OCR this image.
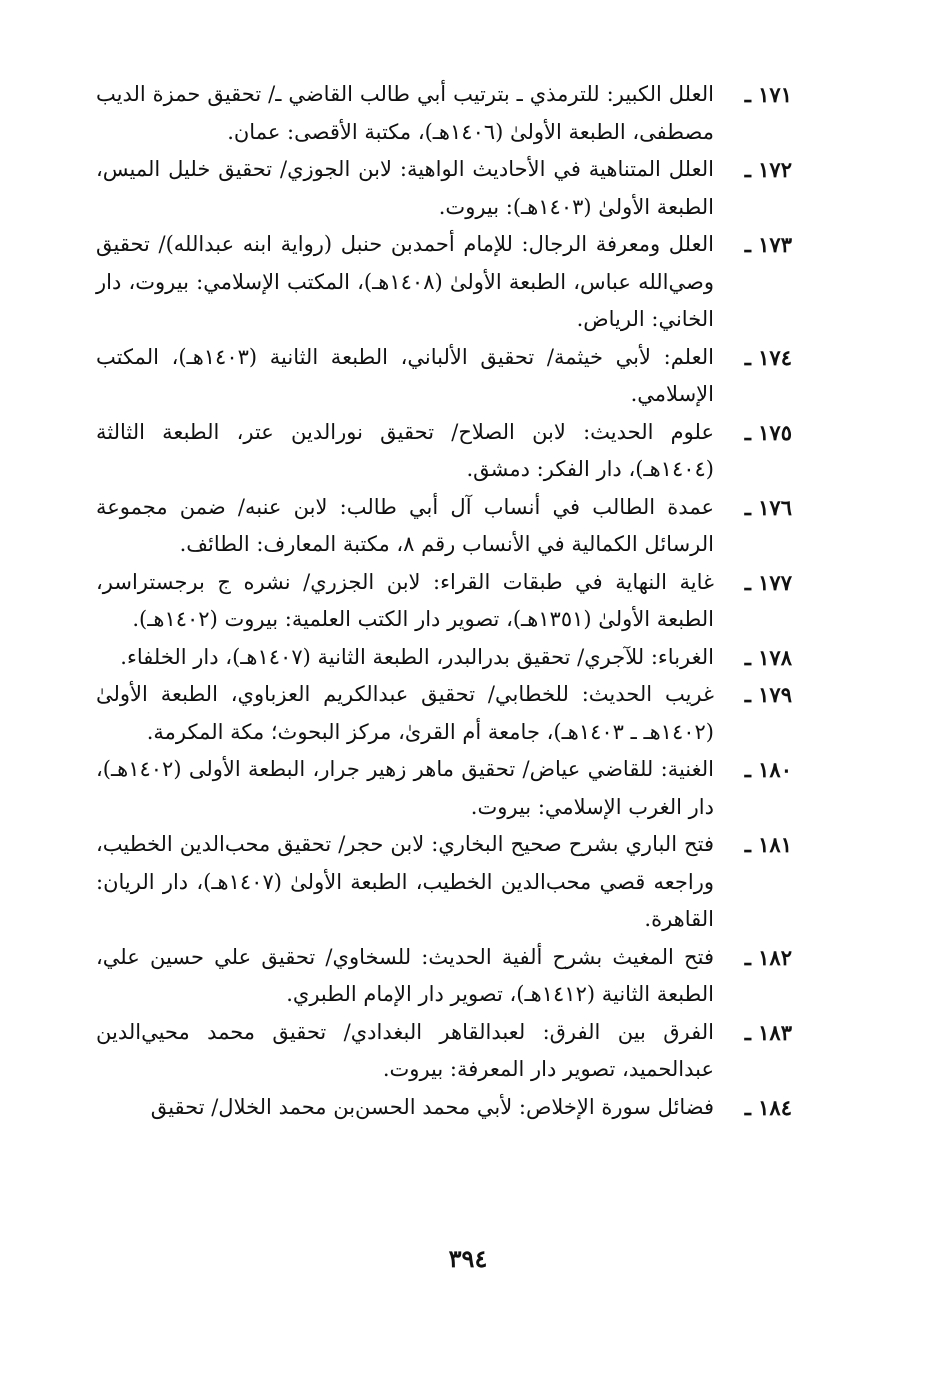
١٧١ ـ
العلل الكبير: للترمذي ـ بترتيب أبي طالب القاضي ـ/ تحقيق حمزة الديب مصطفى، الطبعة الأولىٰ (١٤٠٦هـ)، مكتبة الأقصى: عمان.
١٧٢ ـ
العلل المتناهية في الأحاديث الواهية: لابن الجوزي/ تحقيق خليل الميس، الطبعة الأولىٰ (١٤٠٣هـ): بيروت.
١٧٣ ـ
العلل ومعرفة الرجال: للإمام أحمدبن حنبل (رواية ابنه عبدالله)/ تحقيق وصي‌الله عباس، الطبعة الأولىٰ (١٤٠٨هـ)، المكتب الإسلامي: بيروت، دار الخاني: الرياض.
١٧٤ ـ
العلم: لأبي خيثمة/ تحقيق الألباني، الطبعة الثانية (١٤٠٣هـ)، المكتب الإسلامي.
١٧٥ ـ
علوم الحديث: لابن الصلاح/ تحقيق نورالدين عتر، الطبعة الثالثة (١٤٠٤هـ)، دار الفكر: دمشق.
١٧٦ ـ
عمدة الطالب في أنساب آل أبي طالب: لابن عنبه/ ضمن مجموعة الرسائل الكمالية في الأنساب رقم ٨، مكتبة المعارف: الطائف.
١٧٧ ـ
غاية النهاية في طبقات القراء: لابن الجزري/ نشره ج برجستراسر، الطبعة الأولىٰ (١٣٥١هـ)، تصوير دار الكتب العلمية: بيروت (١٤٠٢هـ).
١٧٨ ـ
الغرباء: للآجري/ تحقيق بدرالبدر، الطبعة الثانية (١٤٠٧هـ)، دار الخلفاء.
١٧٩ ـ
غريب الحديث: للخطابي/ تحقيق عبدالكريم العزباوي، الطبعة الأولىٰ (١٤٠٢هـ ـ ١٤٠٣هـ)، جامعة أم القرىٰ، مركز البحوث؛ مكة المكرمة.
١٨٠ ـ
الغنية: للقاضي عياض/ تحقيق ماهر زهير جرار، البطعة الأولى (١٤٠٢هـ)، دار الغرب الإسلامي: بيروت.
١٨١ ـ
فتح الباري بشرح صحيح البخاري: لابن حجر/ تحقيق محب‌الدين الخطيب، وراجعه قصي محب‌الدين الخطيب، الطبعة الأولىٰ (١٤٠٧هـ)، دار الريان: القاهرة.
١٨٢ ـ
فتح المغيث بشرح ألفية الحديث: للسخاوي/ تحقيق علي حسين علي، الطبعة الثانية (١٤١٢هـ)، تصوير دار الإمام الطبري.
١٨٣ ـ
الفرق بين الفرق: لعبدالقاهر البغدادي/ تحقيق محمد محيي‌الدين عبدالحميد، تصوير دار المعرفة: بيروت.
١٨٤ ـ
فضائل سورة الإخلاص: لأبي محمد الحسن‌بن محمد الخلال/ تحقيق
٣٩٤
